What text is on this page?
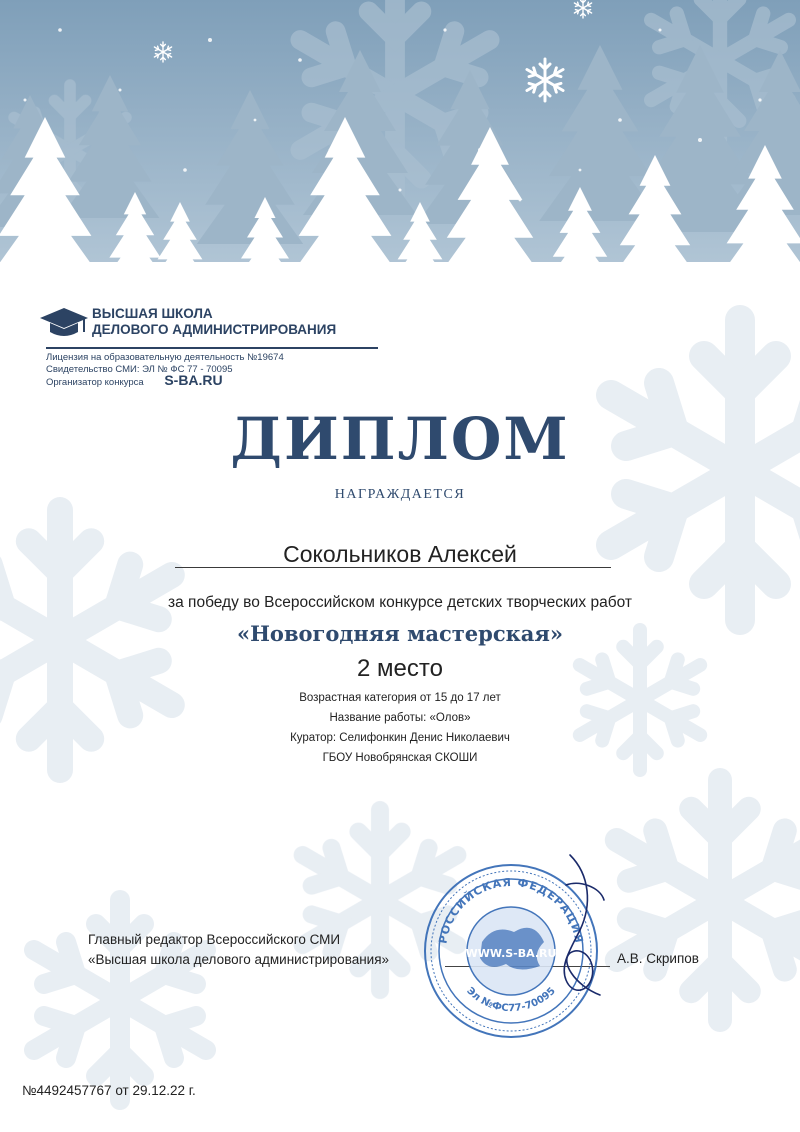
ВЫСШАЯ ШКОЛА
ДЕЛОВОГО АДМИНИСТРИРОВАНИЯ
Лицензия на образовательную деятельность №19674
Свидетельство СМИ: ЭЛ № ФС 77 - 70095
Организатор конкурса S-BA.RU
ДИПЛОМ
НАГРАЖДАЕТСЯ
Сокольников Алексей
за победу во Всероссийском конкурсе детских творческих работ
«Новогодняя мастерская»
2 место
Возрастная категория от 15 до 17 лет
Название работы: «Олов»
Куратор: Селифонкин Денис Николаевич
ГБОУ Новобрянская СКОШИ
Главный редактор Всероссийского СМИ
«Высшая школа делового администрирования»	А.В. Скрипов
РОССИЙСКАЯ ФЕДЕРАЦИЯ
WWW.S-BA.RU
Эл №ФС77-70095
№4492457767 от 29.12.22 г.
